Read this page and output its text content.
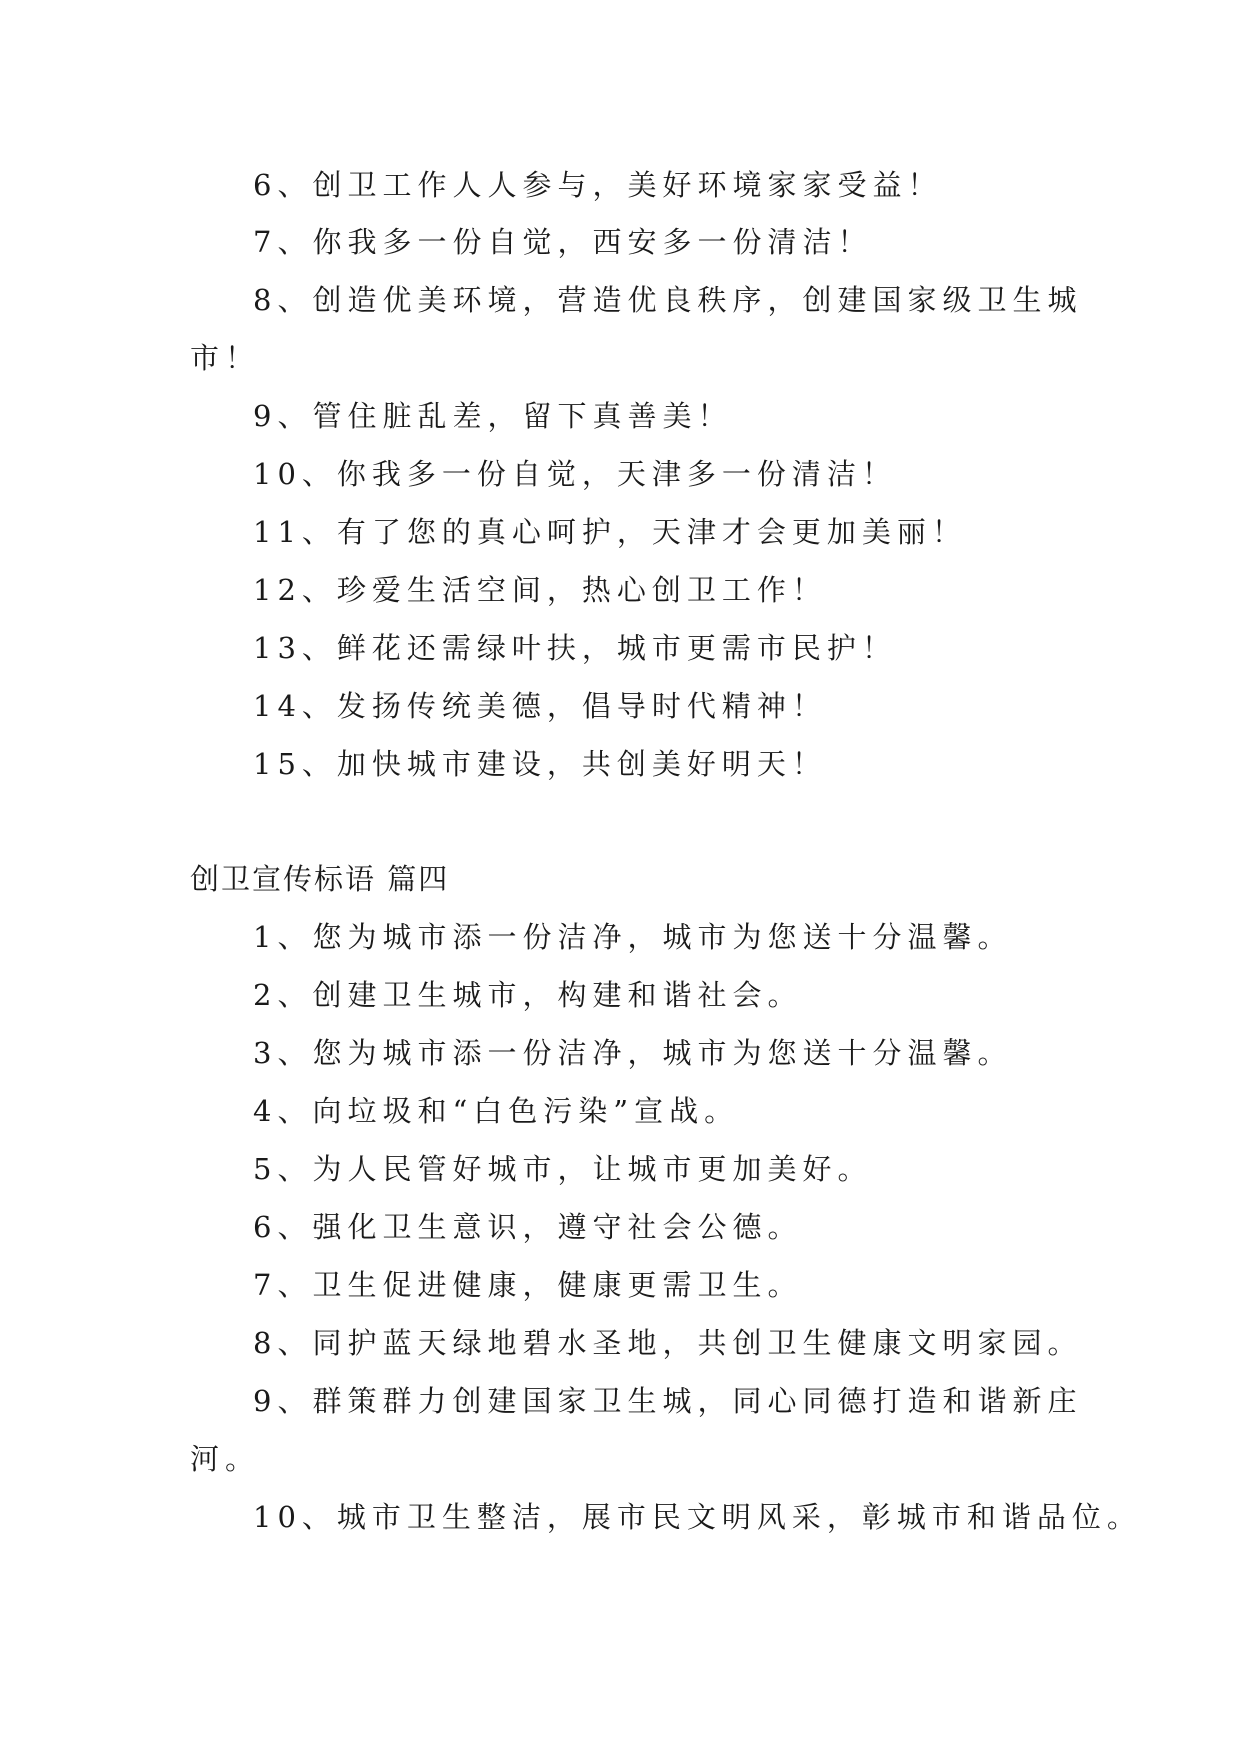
6、创卫工作人人参与，美好环境家家受益！
7、你我多一份自觉，西安多一份清洁！
8、创造优美环境，营造优良秩序，创建国家级卫生城
市！
9、管住脏乱差，留下真善美！
10、你我多一份自觉，天津多一份清洁！
11、有了您的真心呵护，天津才会更加美丽！
12、珍爱生活空间，热心创卫工作！
13、鲜花还需绿叶扶，城市更需市民护！
14、发扬传统美德，倡导时代精神！
15、加快城市建设，共创美好明天！
创卫宣传标语 篇四
1、您为城市添一份洁净，城市为您送十分温馨。
2、创建卫生城市，构建和谐社会。
3、您为城市添一份洁净，城市为您送十分温馨。
4、向垃圾和“白色污染”宣战。
5、为人民管好城市，让城市更加美好。
6、强化卫生意识，遵守社会公德。
7、卫生促进健康，健康更需卫生。
8、同护蓝天绿地碧水圣地，共创卫生健康文明家园。
9、群策群力创建国家卫生城，同心同德打造和谐新庄
河。
10、城市卫生整洁，展市民文明风采，彰城市和谐品位。
